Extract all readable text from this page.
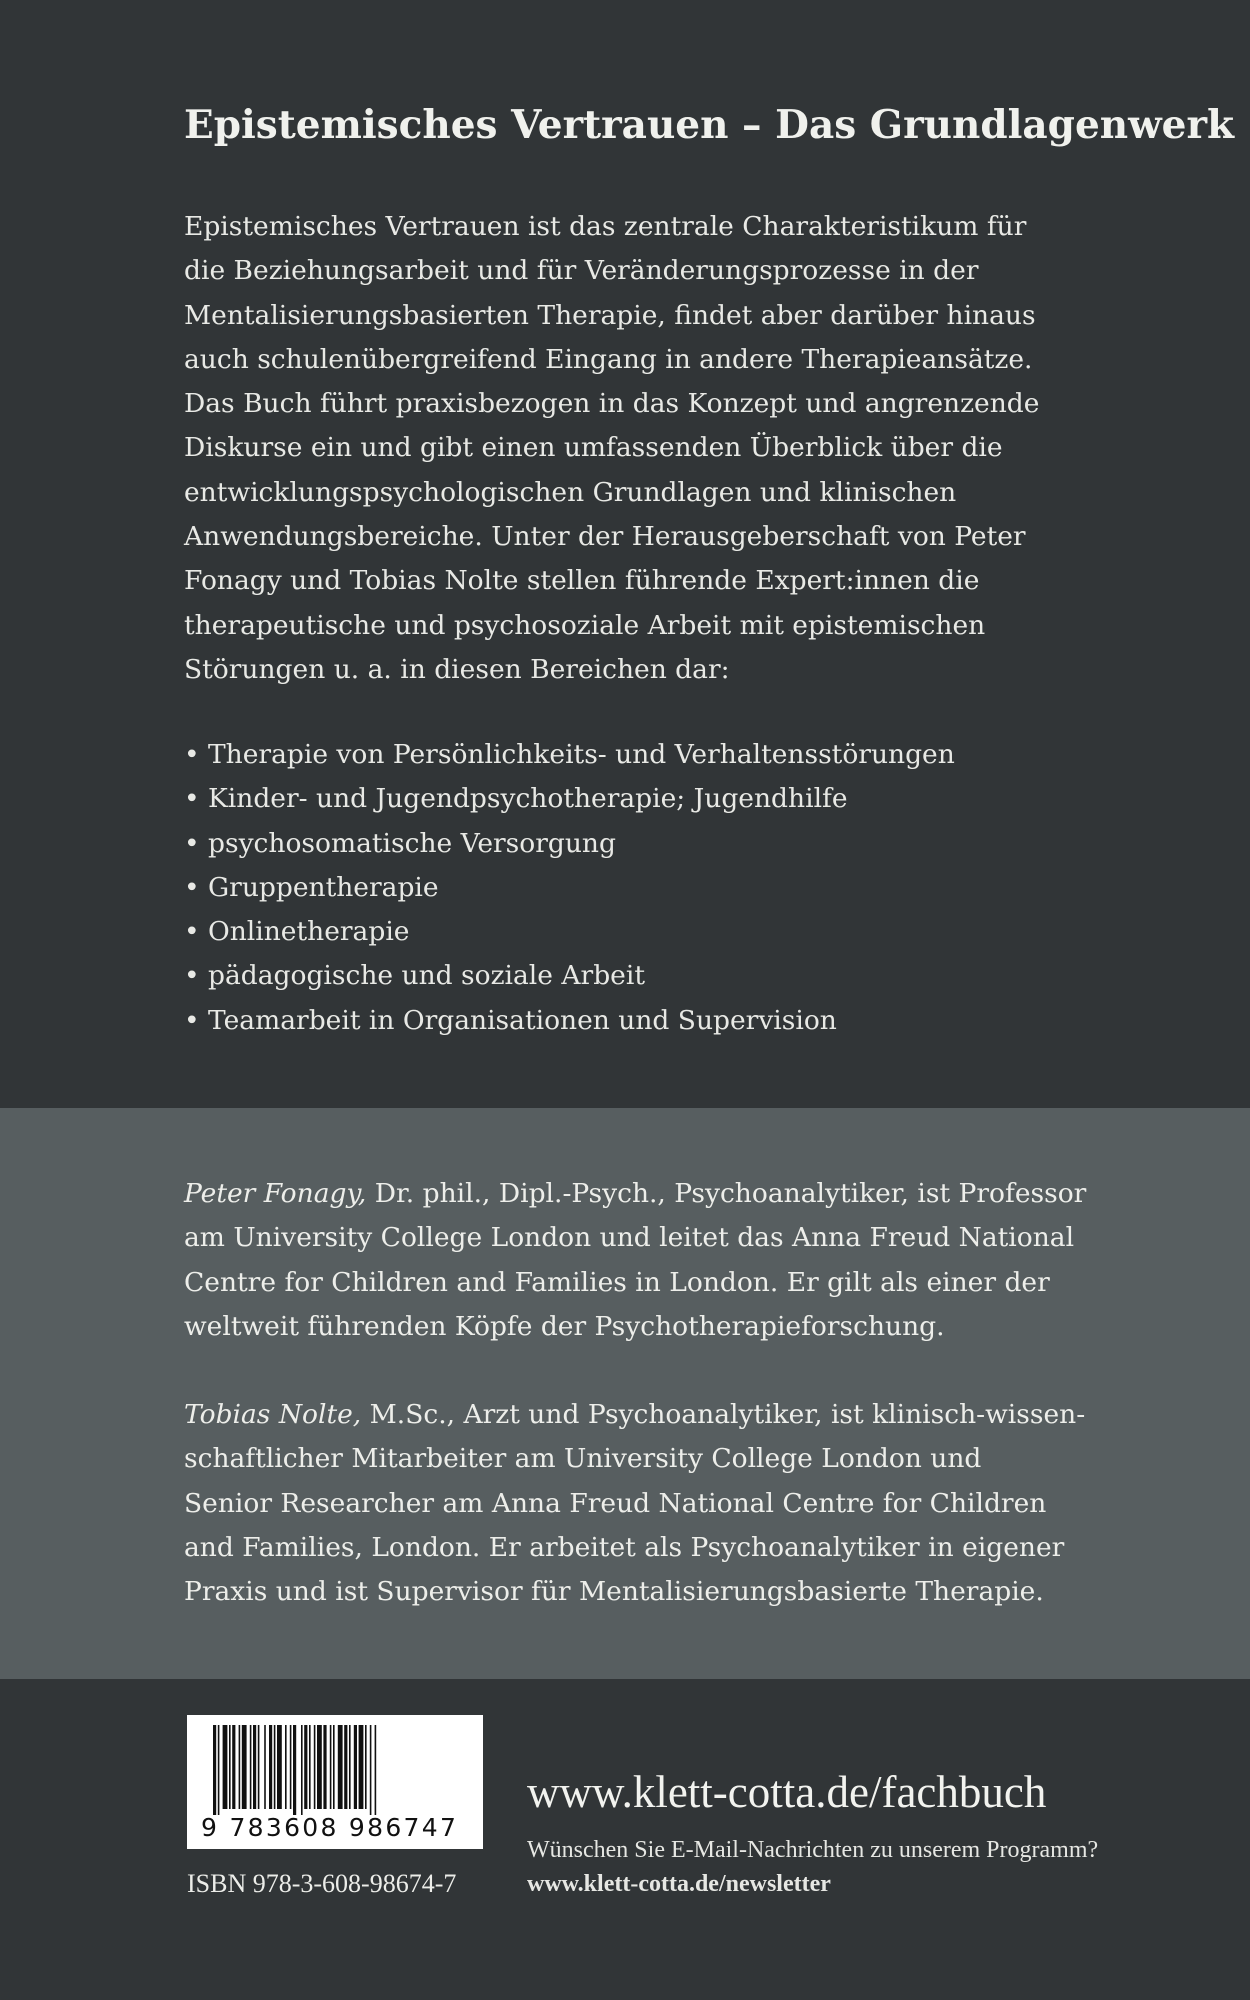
Epistemisches Vertrauen – Das Grundlagenwerk

Epistemisches Vertrauen ist das zentrale Charakteristikum für
die Beziehungsarbeit und für Veränderungsprozesse in der
Mentalisierungsbasierten Therapie, findet aber darüber hinaus
auch schulenübergreifend Eingang in andere Therapieansätze.
Das Buch führt praxisbezogen in das Konzept und angrenzende
Diskurse ein und gibt einen umfassenden Überblick über die
entwicklungspsychologischen Grundlagen und klinischen
Anwendungsbereiche. Unter der Herausgeberschaft von Peter
Fonagy und Tobias Nolte stellen führende Expert:innen die
therapeutische und psychosoziale Arbeit mit epistemischen
Störungen u. a. in diesen Bereichen dar:

• Therapie von Persönlichkeits- und Verhaltensstörungen
• Kinder- und Jugendpsychotherapie; Jugendhilfe
• psychosomatische Versorgung
• Gruppentherapie
• Onlinetherapie
• pädagogische und soziale Arbeit
• Teamarbeit in Organisationen und Supervision

Peter Fonagy, Dr. phil., Dipl.-Psych., Psychoanalytiker, ist Professor
am University College London und leitet das Anna Freud National
Centre for Children and Families in London. Er gilt als einer der
weltweit führenden Köpfe der Psychotherapieforschung.

Tobias Nolte, M.Sc., Arzt und Psychoanalytiker, ist klinisch-wissen-
schaftlicher Mitarbeiter am University College London und
Senior Researcher am Anna Freud National Centre for Children
and Families, London. Er arbeitet als Psychoanalytiker in eigener
Praxis und ist Supervisor für Mentalisierungsbasierte Therapie.

9 783608 986747
ISBN 978-3-608-98674-7
www.klett-cotta.de/fachbuch
Wünschen Sie E-Mail-Nachrichten zu unserem Programm?
www.klett-cotta.de/newsletter
